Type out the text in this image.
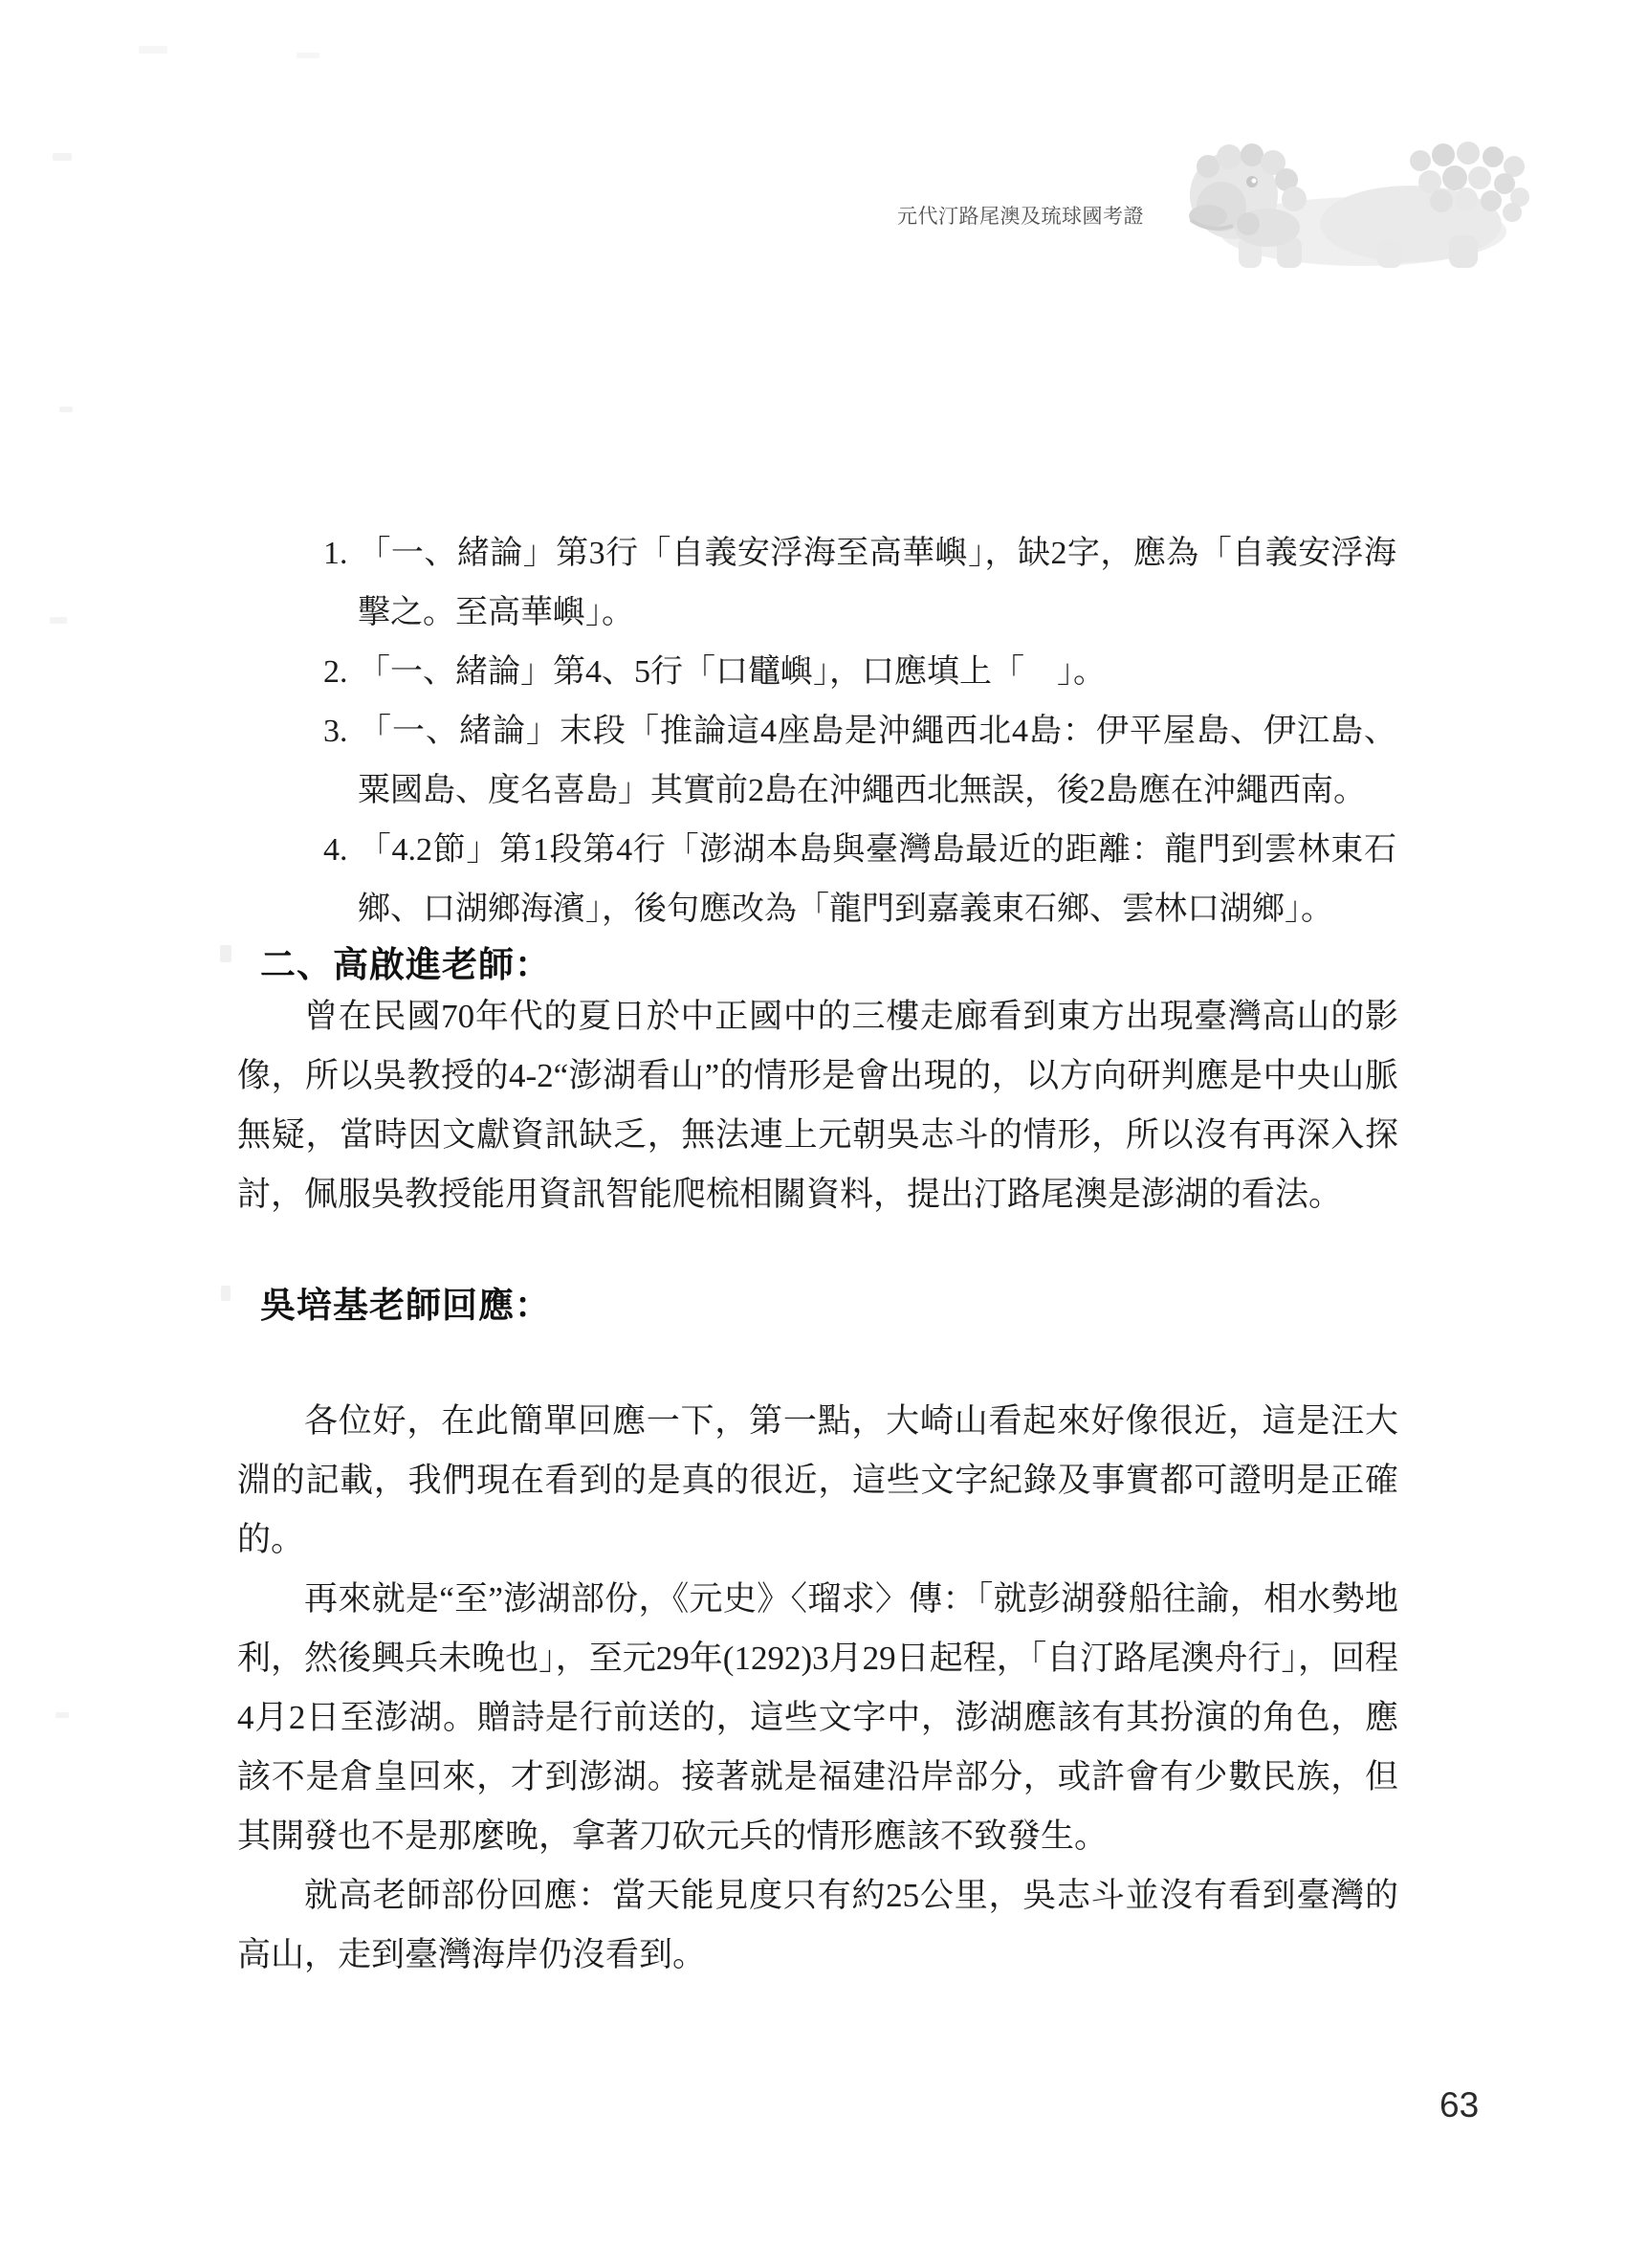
元代汀路尾澳及琉球國考證
1. 「一、緒論」第3行「自義安浮海至高華嶼」，缺2字，應為「自義安浮海擊之。至高華嶼」。
2. 「一、緒論」第4、5行「口鼊嶼」，口應填上「　」。
3. 「一、緒論」末段「推論這4座島是沖繩西北4島：伊平屋島、伊江島、粟國島、度名喜島」其實前2島在沖繩西北無誤，後2島應在沖繩西南。
4. 「4.2節」第1段第4行「澎湖本島與臺灣島最近的距離：龍門到雲林東石鄉、口湖鄉海濱」，後句應改為「龍門到嘉義東石鄉、雲林口湖鄉」。
二、高啟進老師：

曾在民國70年代的夏日於中正國中的三樓走廊看到東方出現臺灣高山的影像，所以吳教授的4-2“澎湖看山”的情形是會出現的，以方向研判應是中央山脈無疑，當時因文獻資訊缺乏，無法連上元朝吳志斗的情形，所以沒有再深入探討，佩服吳教授能用資訊智能爬梳相關資料，提出汀路尾澳是澎湖的看法。

吳培基老師回應：

各位好，在此簡單回應一下，第一點，大崎山看起來好像很近，這是汪大淵的記載，我們現在看到的是真的很近，這些文字紀錄及事實都可證明是正確的。

再來就是“至”澎湖部份，《元史》〈瑠求〉傳：「就彭湖發船往諭，相水勢地利，然後興兵未晚也」，至元29年(1292)3月29日起程，「自汀路尾澳舟行」，回程4月2日至澎湖。贈詩是行前送的，這些文字中，澎湖應該有其扮演的角色，應該不是倉皇回來，才到澎湖。接著就是福建沿岸部分，或許會有少數民族，但其開發也不是那麼晚，拿著刀砍元兵的情形應該不致發生。

就高老師部份回應：當天能見度只有約25公里，吳志斗並沒有看到臺灣的高山，走到臺灣海岸仍沒看到。

63
